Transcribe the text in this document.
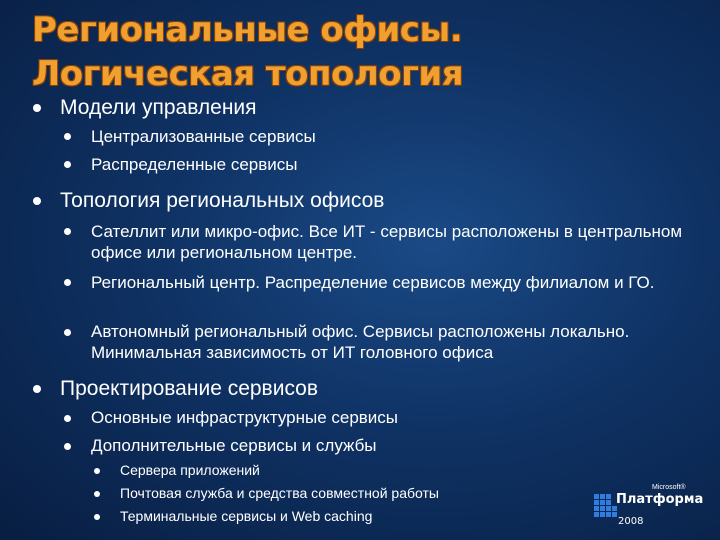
Региональные офисы.
Логическая топология
Модели управления
Централизованные сервисы
Распределенные сервисы
Топология региональных офисов
Сателлит или микро-офис. Все ИТ - сервисы расположены в центральном офисе или региональном центре.
Региональный центр. Распределение сервисов между филиалом и ГО.
Автономный региональный офис. Сервисы расположены локально. Минимальная зависимость от ИТ головного офиса
Проектирование сервисов
Основные инфраструктурные сервисы
Дополнительные сервисы и службы
Сервера приложений
Почтовая служба и средства совместной работы
Терминальные сервисы и Web caching
Microsoft®
Платформа
2008
